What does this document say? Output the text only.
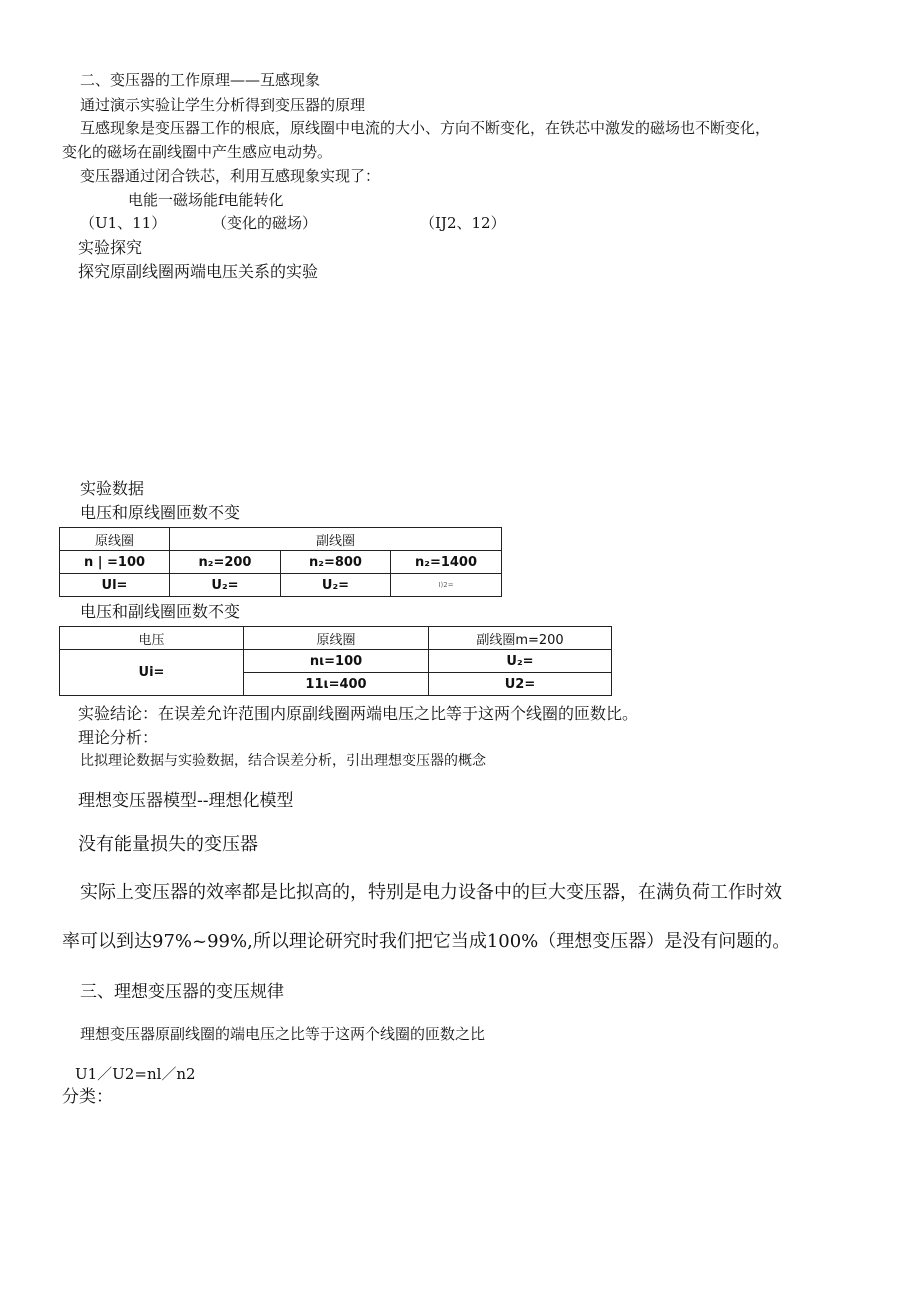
二、变压器的工作原理——互感现象
通过演示实验让学生分析得到变压器的原理
互感现象是变压器工作的根底，原线圈中电流的大小、方向不断变化，在铁芯中激发的磁场也不断变化，
变化的磁场在副线圈中产生感应电动势。
变压器通过闭合铁芯，利用互感现象实现了：
电能一磁场能f电能转化
（U1、11）	（变化的磁场）	（IJ2、12）
实验探究
探究原副线圈两端电压关系的实验
实验数据
电压和原线圈匝数不变
原线圈	副线圈		
n | =100	n₂=200	n₂=800	n₂=1400
Ul=	U₂=	U₂=	I)2=
电压和副线圈匝数不变
电压	原线圈	副线圈m=200
Ui=	nι=100	U₂=
	11ι=400	U2=
实验结论：在误差允许范围内原副线圈两端电压之比等于这两个线圈的匝数比。
理论分析：
比拟理论数据与实验数据，结合误差分析，引出理想变压器的概念
理想变压器模型--理想化模型
没有能量损失的变压器
实际上变压器的效率都是比拟高的，特别是电力设备中的巨大变压器，在满负荷工作时效
率可以到达97%~99%,所以理论研究时我们把它当成100%（理想变压器）是没有问题的。
三、理想变压器的变压规律
理想变压器原副线圈的端电压之比等于这两个线圈的匝数之比
U1／U2=nl／n2
分类：
